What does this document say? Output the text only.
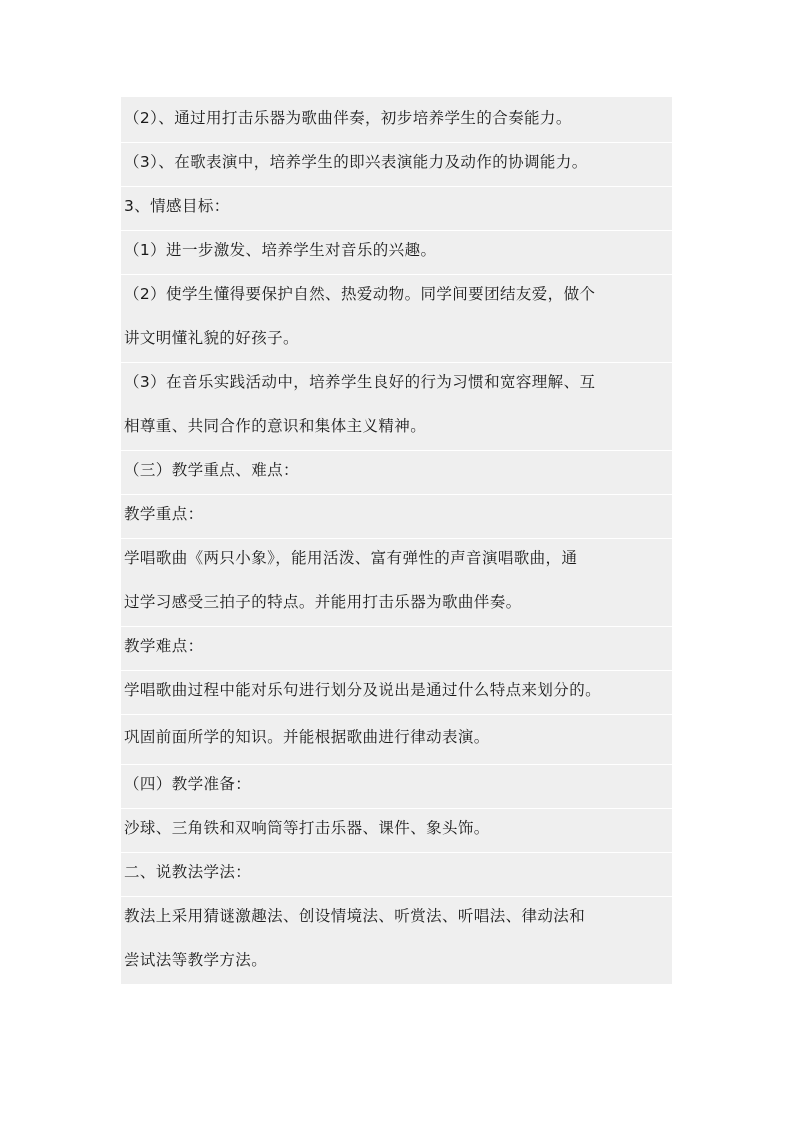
（2）、通过用打击乐器为歌曲伴奏，初步培养学生的合奏能力。
（3）、在歌表演中，培养学生的即兴表演能力及动作的协调能力。
3、情感目标：
（1）进一步激发、培养学生对音乐的兴趣。
（2）使学生懂得要保护自然、热爱动物。同学间要团结友爱，做个
讲文明懂礼貌的好孩子。
（3）在音乐实践活动中，培养学生良好的行为习惯和宽容理解、互
相尊重、共同合作的意识和集体主义精神。
（三）教学重点、难点：
教学重点：
学唱歌曲《两只小象》，能用活泼、富有弹性的声音演唱歌曲，通
过学习感受三拍子的特点。并能用打击乐器为歌曲伴奏。
教学难点：
学唱歌曲过程中能对乐句进行划分及说出是通过什么特点来划分的。
巩固前面所学的知识。并能根据歌曲进行律动表演。
（四）教学准备：
沙球、三角铁和双响筒等打击乐器、课件、象头饰。
二、说教法学法：
教法上采用猜谜激趣法、创设情境法、听赏法、听唱法、律动法和
尝试法等教学方法。
